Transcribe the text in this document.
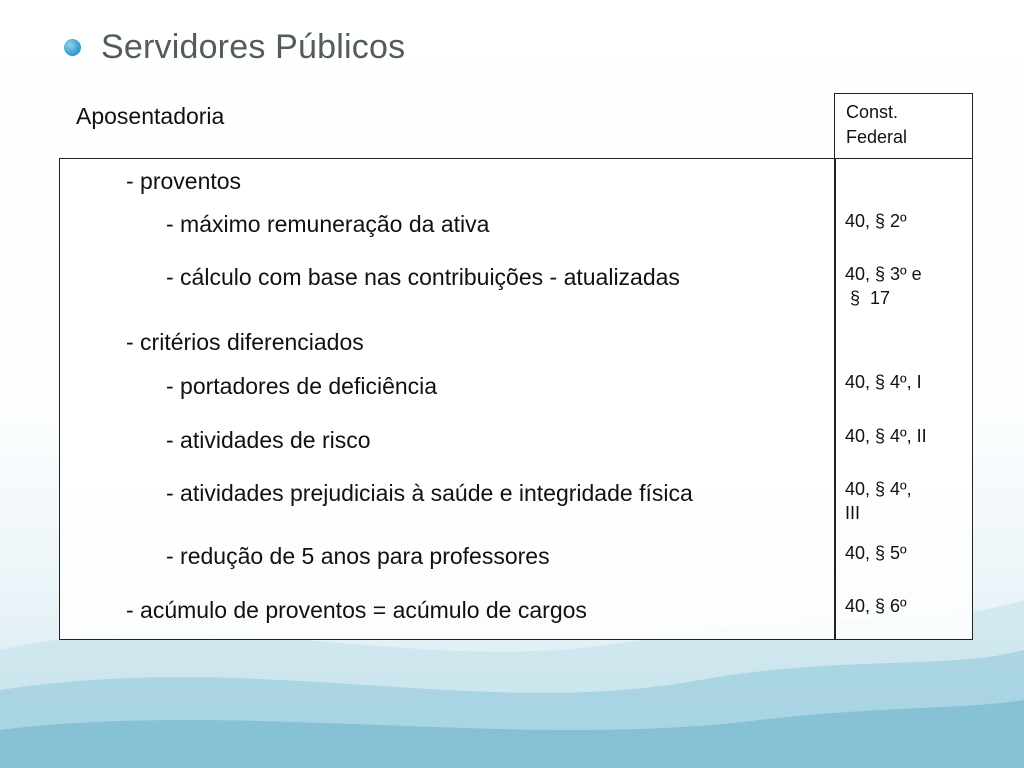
Servidores Públicos
Aposentadoria	Const.
Federal
- proventos
- máximo remuneração da ativa	40, § 2º
- cálculo com base nas contribuições - atualizadas	40, § 3º e
§  17
- critérios diferenciados
- portadores de deficiência	40, § 4º, I
- atividades de risco	40, § 4º, II
- atividades prejudiciais à saúde e integridade física	40, § 4º,
III
- redução de 5 anos para professores	40, § 5º
- acúmulo de proventos = acúmulo de cargos	40, § 6º
